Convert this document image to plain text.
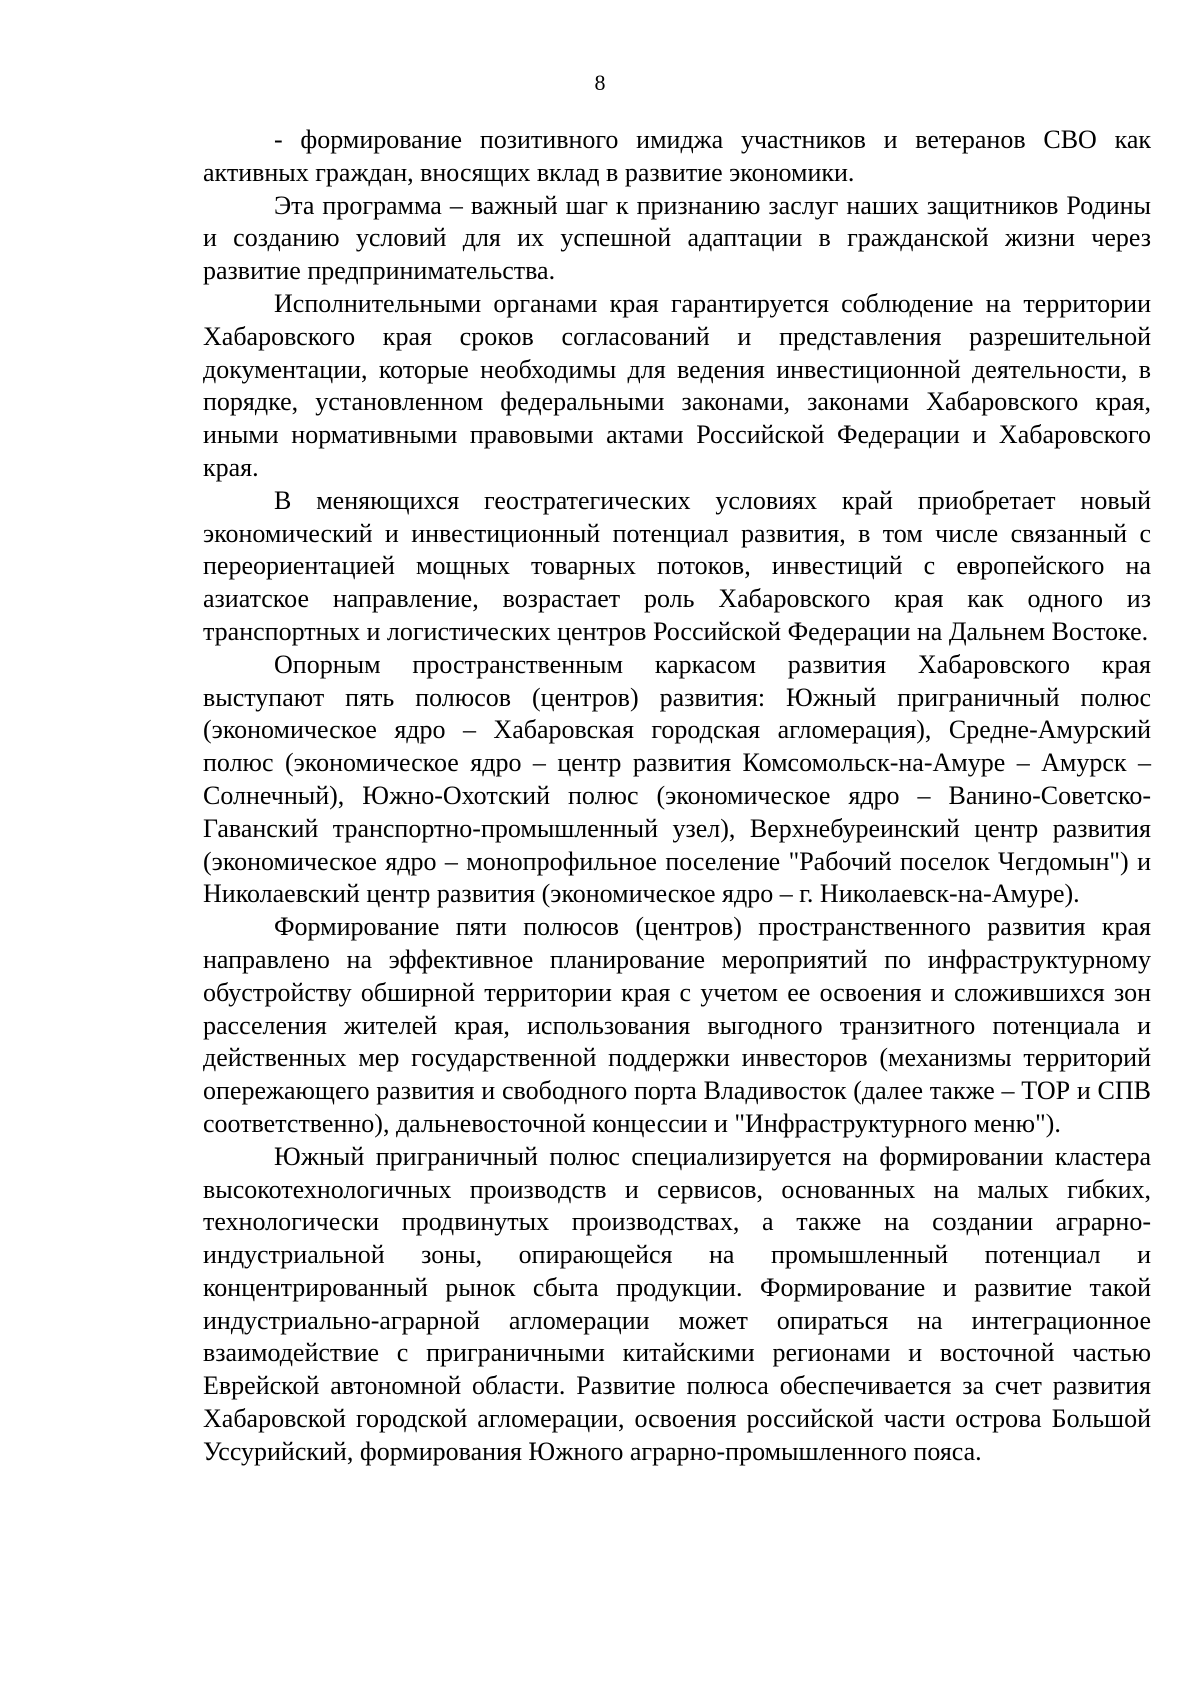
8

- формирование позитивного имиджа участников и ветеранов СВО как активных граждан, вносящих вклад в развитие экономики.

Эта программа – важный шаг к признанию заслуг наших защитников Родины и созданию условий для их успешной адаптации в гражданской жизни через развитие предпринимательства.

Исполнительными органами края гарантируется соблюдение на территории Хабаровского края сроков согласований и представления разрешительной документации, которые необходимы для ведения инвестиционной деятельности, в порядке, установленном федеральными законами, законами Хабаровского края, иными нормативными правовыми актами Российской Федерации и Хабаровского края.

В меняющихся геостратегических условиях край приобретает новый экономический и инвестиционный потенциал развития, в том числе связанный с переориентацией мощных товарных потоков, инвестиций с европейского на азиатское направление, возрастает роль Хабаровского края как одного из транспортных и логистических центров Российской Федерации на Дальнем Востоке.

Опорным пространственным каркасом развития Хабаровского края выступают пять полюсов (центров) развития: Южный приграничный полюс (экономическое ядро – Хабаровская городская агломерация), Средне-Амурский полюс (экономическое ядро – центр развития Комсомольск-на-Амуре – Амурск – Солнечный), Южно-Охотский полюс (экономическое ядро – Ванино-Советско-Гаванский транспортно-промышленный узел), Верхнебуреинский центр развития (экономическое ядро – монопрофильное поселение "Рабочий поселок Чегдомын") и Николаевский центр развития (экономическое ядро – г. Николаевск-на-Амуре).

Формирование пяти полюсов (центров) пространственного развития края направлено на эффективное планирование мероприятий по инфраструктурному обустройству обширной территории края с учетом ее освоения и сложившихся зон расселения жителей края, использования выгодного транзитного потенциала и действенных мер государственной поддержки инвесторов (механизмы территорий опережающего развития и свободного порта Владивосток (далее также – ТОР и СПВ соответственно), дальневосточной концессии и "Инфраструктурного меню").

Южный приграничный полюс специализируется на формировании кластера высокотехнологичных производств и сервисов, основанных на малых гибких, технологически продвинутых производствах, а также на создании аграрно-индустриальной зоны, опирающейся на промышленный потенциал и концентрированный рынок сбыта продукции. Формирование и развитие такой индустриально-аграрной агломерации может опираться на интеграционное взаимодействие с приграничными китайскими регионами и восточной частью Еврейской автономной области. Развитие полюса обеспечивается за счет развития Хабаровской городской агломерации, освоения российской части острова Большой Уссурийский, формирования Южного аграрно-промышленного пояса.
